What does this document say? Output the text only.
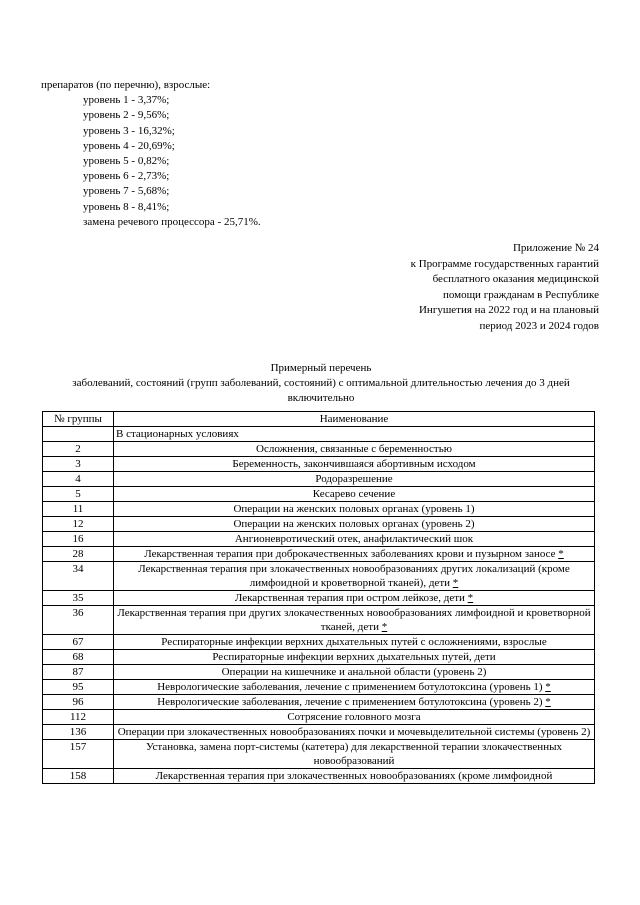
препаратов (по перечню), взрослые:
уровень 1 - 3,37%;
уровень 2 - 9,56%;
уровень 3 - 16,32%;
уровень 4 - 20,69%;
уровень 5 - 0,82%;
уровень 6 - 2,73%;
уровень 7 - 5,68%;
уровень 8 - 8,41%;
замена речевого процессора - 25,71%.
Приложение № 24
к Программе государственных гарантий
бесплатного оказания медицинской
помощи гражданам в Республике
Ингушетия на 2022 год и на плановый
период 2023 и 2024 годов
Примерный перечень
заболеваний, состояний (групп заболеваний, состояний) с оптимальной длительностью лечения до 3 дней включительно
№ группы	Наименование
	В стационарных условиях
2	Осложнения, связанные с беременностью
3	Беременность, закончившаяся абортивным исходом
4	Родоразрешение
5	Кесарево сечение
11	Операции на женских половых органах (уровень 1)
12	Операции на женских половых органах (уровень 2)
16	Ангионевротический отек, анафилактический шок
28	Лекарственная терапия при доброкачественных заболеваниях крови и пузырном заносе *
34	Лекарственная терапия при злокачественных новообразованиях других локализаций (кроме лимфоидной и кроветворной тканей), дети *
35	Лекарственная терапия при остром лейкозе, дети *
36	Лекарственная терапия при других злокачественных новообразованиях лимфоидной и кроветворной тканей, дети *
67	Респираторные инфекции верхних дыхательных путей с осложнениями, взрослые
68	Респираторные инфекции верхних дыхательных путей, дети
87	Операции на кишечнике и анальной области (уровень 2)
95	Неврологические заболевания, лечение с применением ботулотоксина (уровень 1) *
96	Неврологические заболевания, лечение с применением ботулотоксина (уровень 2) *
112	Сотрясение головного мозга
136	Операции при злокачественных новообразованиях почки и мочевыделительной системы (уровень 2)
157	Установка, замена порт-системы (катетера) для лекарственной терапии злокачественных новообразований
158	Лекарственная терапия при злокачественных новообразованиях (кроме лимфоидной
